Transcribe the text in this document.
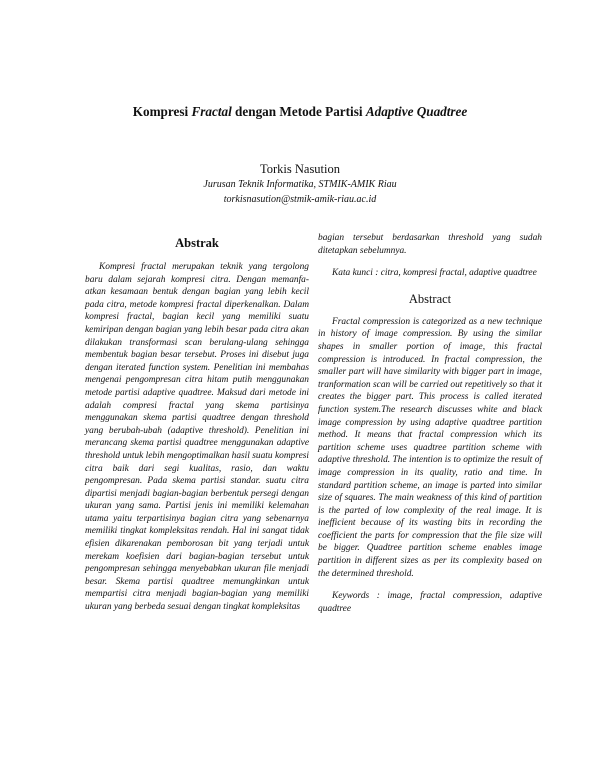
Kompresi Fractal dengan Metode Partisi Adaptive Quadtree
Torkis Nasution
Jurusan Teknik Informatika, STMIK-AMIK Riau
torkisnasution@stmik-amik-riau.ac.id
Abstrak

Kompresi fractal merupakan teknik yang tergolong baru dalam sejarah kompresi citra. Dengan memanfa-atkan kesamaan bentuk dengan bagian yang lebih kecil pada citra, metode kompresi fractal diperkenalkan. Dalam kompresi fractal, bagian kecil yang memiliki suatu kemiripan dengan bagian yang lebih besar pada citra akan dilakukan transformasi scan berulang-ulang sehingga membentuk bagian besar tersebut. Proses ini disebut juga dengan iterated function system. Penelitian ini membahas mengenai pengompresan citra hitam putih menggunakan metode partisi adaptive quadtree. Maksud dari metode ini adalah compresi fractal yang skema partisinya menggunakan skema partisi quadtree dengan threshold yang berubah-ubah (adaptive threshold). Penelitian ini merancang skema partisi quadtree menggunakan adaptive threshold untuk lebih mengoptimalkan hasil suatu kompresi citra baik dari segi kualitas, rasio, dan waktu pengompresan. Pada skema partisi standar. suatu citra dipartisi menjadi bagian-bagian berbentuk persegi dengan ukuran yang sama. Partisi jenis ini memiliki kelemahan utama yaitu terpartisinya bagian citra yang sebenarnya memiliki tingkat kompleksitas rendah. Hal ini sangat tidak efisien dikarenakan pemborosan bit yang terjadi untuk merekam koefisien dari bagian-bagian tersebut untuk pengompresan sehingga menyebabkan ukuran file menjadi besar. Skema partisi quadtree memungkinkan untuk mempartisi citra menjadi bagian-bagian yang memiliki ukuran yang berbeda sesuai dengan tingkat kompleksitas

bagian tersebut berdasarkan threshold yang sudah ditetapkan sebelumnya.

Kata kunci : citra, kompresi fractal, adaptive quadtree

Abstract

Fractal compression is categorized as a new technique in history of image compression. By using the similar shapes in smaller portion of image, this fractal compression is introduced. In fractal compression, the smaller part will have similarity with bigger part in image, tranformation scan will be carried out repetitively so that it creates the bigger part. This process is called iterated function system.The research discusses white and black image compression by using adaptive quadtree partition method. It means that fractal compression which its partition scheme uses quadtree partition scheme with adaptive threshold. The intention is to optimize the result of image compression in its quality, ratio and time. In standard partition scheme, an image is parted into similar size of squares. The main weakness of this kind of partition is the parted of low complexity of the real image. It is inefficient because of its wasting bits in recording the coefficient the parts for compression that the file size will be bigger. Quadtree partition scheme enables image partition in different sizes as per its complexity based on the determined threshold.

Keywords : image, fractal compression, adaptive quadtree
